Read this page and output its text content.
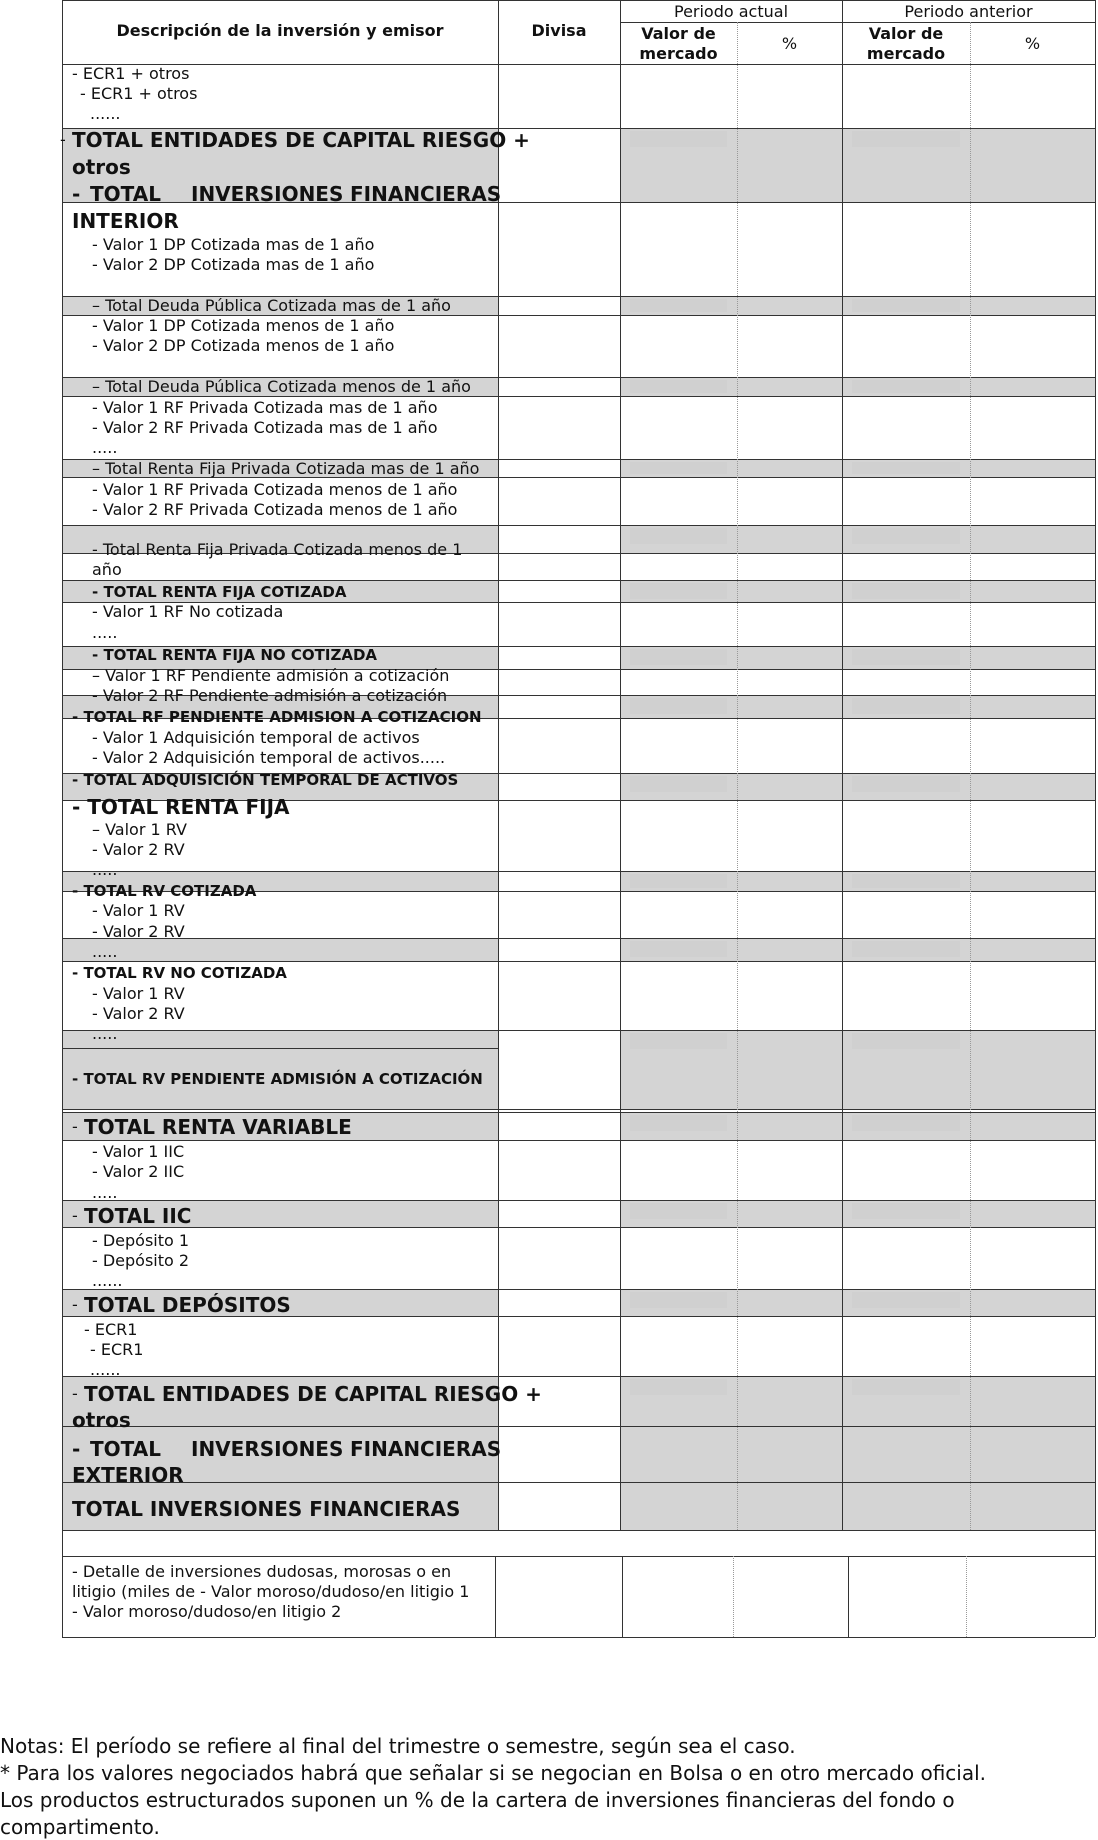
Descripción de la inversión y emisor	Divisa
Periodo actual	Periodo anterior
Valor de
mercado
%
Valor de
mercado
%
- ECR1 + otros
- ECR1 + otros
......
TOTAL ENTIDADES DE CAPITAL RIESGO +
otros
TOTAL INVERSIONES FINANCIERAS
INTERIOR
- Valor 1 DP Cotizada mas de 1 año
- Valor 2 DP Cotizada mas de 1 año
– Total Deuda Pública Cotizada mas de 1 año
- Valor 1 DP Cotizada menos de 1 año
- Valor 2 DP Cotizada menos de 1 año
– Total Deuda Pública Cotizada menos de 1 año
- Valor 1 RF Privada Cotizada mas de 1 año
- Valor 2 RF Privada Cotizada mas de 1 año
.....
– Total Renta Fija Privada Cotizada mas de 1 año
- Valor 1 RF Privada Cotizada menos de 1 año
- Valor 2 RF Privada Cotizada menos de 1 año
- Total Renta Fija Privada Cotizada menos de 1
año
- TOTAL RENTA FIJA COTIZADA
- Valor 1 RF No cotizada
.....
- TOTAL RENTA FIJA NO COTIZADA
– Valor 1 RF Pendiente admisión a cotización
- Valor 2 RF Pendiente admisión a cotización
- TOTAL RF PENDIENTE ADMISION A COTIZACION
- Valor 1 Adquisición temporal de activos
- Valor 2 Adquisición temporal de activos.....
- TOTAL ADQUISICIÓN TEMPORAL DE ACTIVOS
- TOTAL RENTA FIJA
– Valor 1 RV
- Valor 2 RV
.....
- TOTAL RV COTIZADA
- Valor 1 RV
- Valor 2 RV
.....
- TOTAL RV NO COTIZADA
- Valor 1 RV
- Valor 2 RV
.....
- TOTAL RV PENDIENTE ADMISIÓN A COTIZACIÓN
TOTAL RENTA VARIABLE
- Valor 1 IIC
- Valor 2 IIC
.....
TOTAL IIC
- Depósito 1
- Depósito 2
......
TOTAL DEPÓSITOS
- ECR1
- ECR1
......
TOTAL ENTIDADES DE CAPITAL RIESGO +
otros
TOTAL INVERSIONES FINANCIERAS
EXTERIOR
TOTAL INVERSIONES FINANCIERAS
-
-
-
-
-
-
-
- Detalle de inversiones dudosas, morosas o en
litigio (miles de - Valor moroso/dudoso/en litigio 1
- Valor moroso/dudoso/en litigio 2
Notas: El período se refiere al final del trimestre o semestre, según sea el caso.
* Para los valores negociados habrá que señalar si se negocian en Bolsa o en otro mercado oficial.
Los productos estructurados suponen un % de la cartera de inversiones financieras del fondo o
compartimento.
